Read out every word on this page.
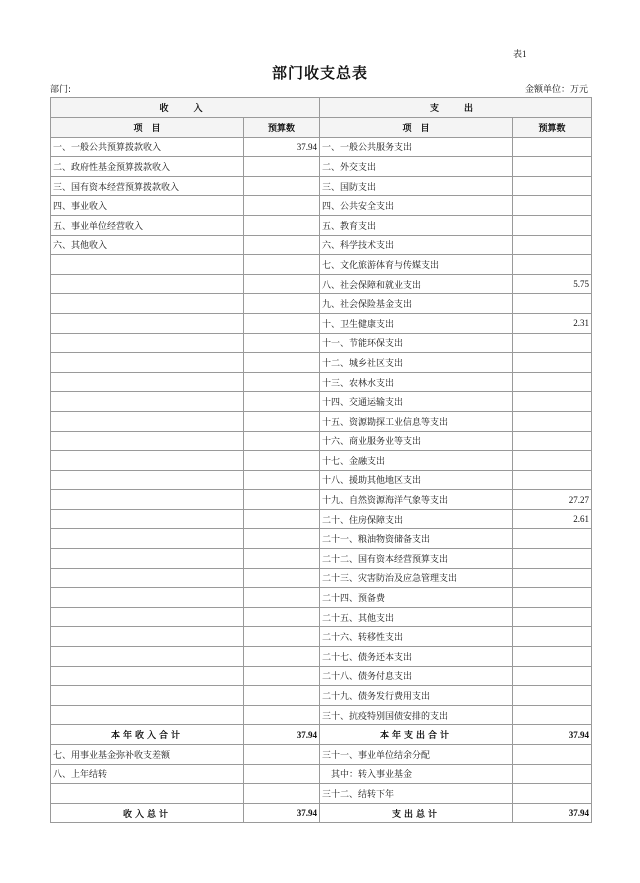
表1
部门收支总表
部门:	金额单位：万元
收　入		支　出	
项　目	预算数	项　目	预算数
一、一般公共预算拨款收入	37.94	一、一般公共服务支出	
二、政府性基金预算拨款收入		二、外交支出	
三、国有资本经营预算拨款收入		三、国防支出	
四、事业收入		四、公共安全支出	
五、事业单位经营收入		五、教育支出	
六、其他收入		六、科学技术支出	
		七、文化旅游体育与传媒支出	
		八、社会保障和就业支出	5.75
		九、社会保险基金支出	
		十、卫生健康支出	2.31
		十一、节能环保支出	
		十二、城乡社区支出	
		十三、农林水支出	
		十四、交通运输支出	
		十五、资源勘探工业信息等支出	
		十六、商业服务业等支出	
		十七、金融支出	
		十八、援助其他地区支出	
		十九、自然资源海洋气象等支出	27.27
		二十、住房保障支出	2.61
		二十一、粮油物资储备支出	
		二十二、国有资本经营预算支出	
		二十三、灾害防治及应急管理支出	
		二十四、预备费	
		二十五、其他支出	
		二十六、转移性支出	
		二十七、债务还本支出	
		二十八、债务付息支出	
		二十九、债务发行费用支出	
		三十、抗疫特别国债安排的支出	
本年收入合计	37.94	本年支出合计	37.94
七、用事业基金弥补收支差额		三十一、事业单位结余分配	
八、上年结转		　其中：转入事业基金	
		三十二、结转下年	
收入总计	37.94	支出总计	37.94
